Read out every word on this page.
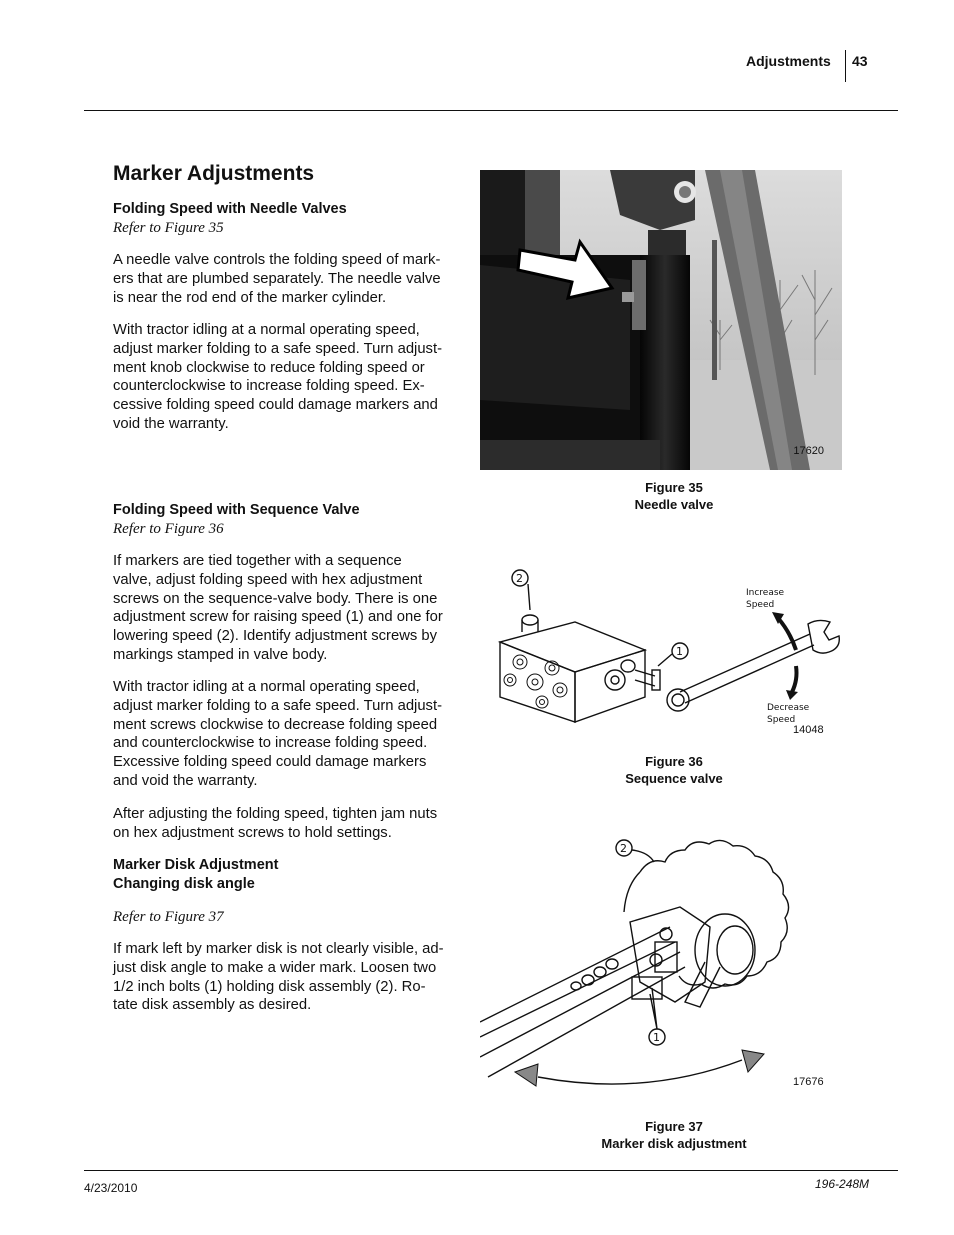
Adjustments 43
Marker Adjustments
Folding Speed with Needle Valves
Refer to Figure 35
A needle valve controls the folding speed of mark-
ers that are plumbed separately. The needle valve
is near the rod end of the marker cylinder.
With tractor idling at a normal operating speed,
adjust marker folding to a safe speed. Turn adjust-
ment knob clockwise to reduce folding speed or
counterclockwise to increase folding speed. Ex-
cessive folding speed could damage markers and
void the warranty.
Folding Speed with Sequence Valve
Refer to Figure 36
If markers are tied together with a sequence
valve, adjust folding speed with hex adjustment
screws on the sequence-valve body. There is one
adjustment screw for raising speed (1) and one for
lowering speed (2). Identify adjustment screws by
markings stamped in valve body.
With tractor idling at a normal operating speed,
adjust marker folding to a safe speed. Turn adjust-
ment screws clockwise to decrease folding speed
and counterclockwise to increase folding speed.
Excessive folding speed could damage markers
and void the warranty.
After adjusting the folding speed, tighten jam nuts
on hex adjustment screws to hold settings.
Marker Disk Adjustment
Changing disk angle
Refer to Figure 37
If mark left by marker disk is not clearly visible, ad-
just disk angle to make a wider mark. Loosen two
1/2 inch bolts (1) holding disk assembly (2). Ro-
tate disk assembly as desired.
17620
Figure 35
Needle valve
2
1
Increase
Speed
Decrease
Speed
14048
Figure 36
Sequence valve
2
1
17676
Figure 37
Marker disk adjustment
4/23/2010	196-248M
